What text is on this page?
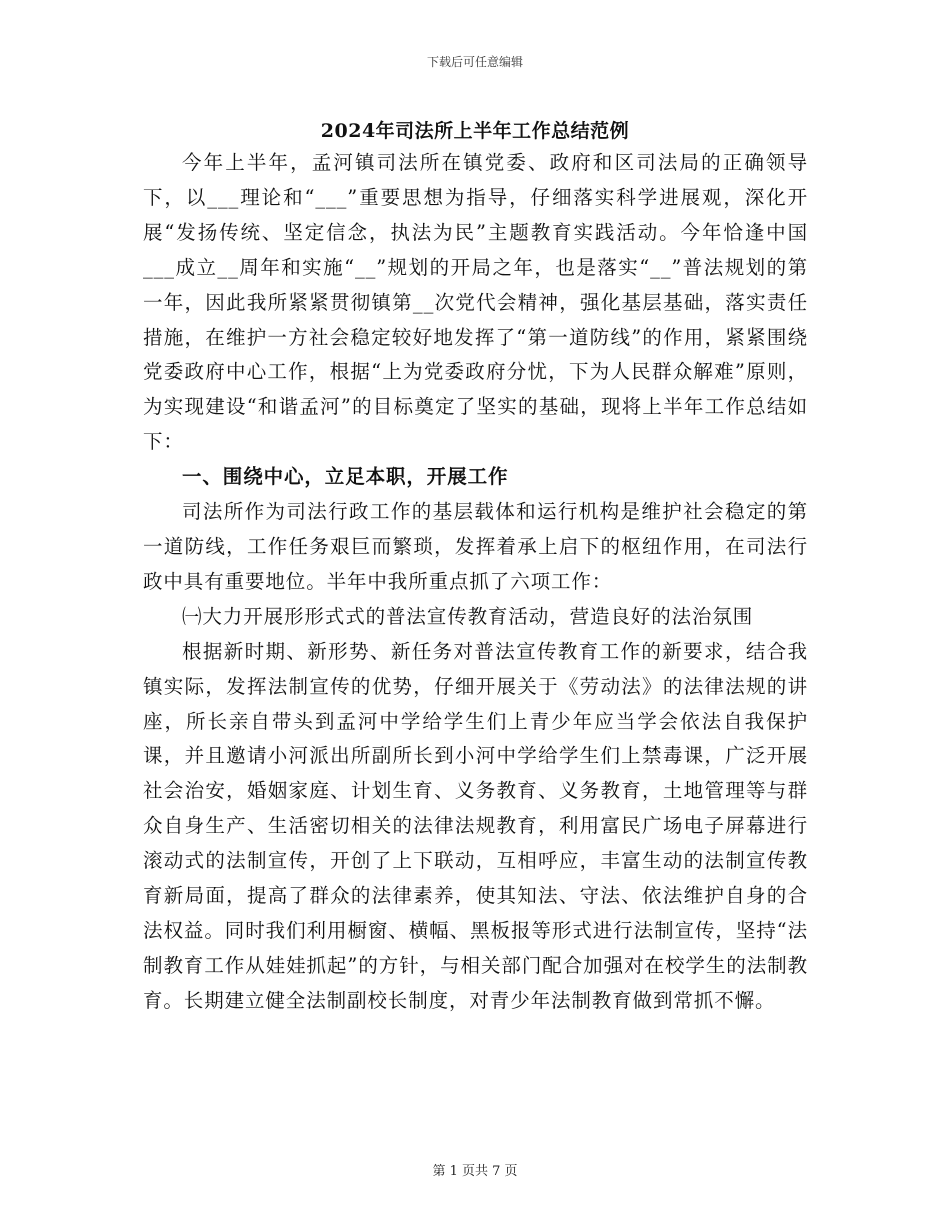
下载后可任意编辑
2024年司法所上半年工作总结范例

今年上半年，孟河镇司法所在镇党委、政府和区司法局的正确领导下，以___理论和“___”重要思想为指导，仔细落实科学进展观，深化开展“发扬传统、坚定信念，执法为民”主题教育实践活动。今年恰逢中国___成立__周年和实施“__”规划的开局之年，也是落实“__”普法规划的第一年，因此我所紧紧贯彻镇第__次党代会精神，强化基层基础，落实责任措施，在维护一方社会稳定较好地发挥了“第一道防线”的作用，紧紧围绕党委政府中心工作，根据“上为党委政府分忧，下为人民群众解难”原则，为实现建设“和谐孟河”的目标奠定了坚实的基础，现将上半年工作总结如下：

一、围绕中心，立足本职，开展工作

司法所作为司法行政工作的基层载体和运行机构是维护社会稳定的第一道防线，工作任务艰巨而繁琐，发挥着承上启下的枢纽作用，在司法行政中具有重要地位。半年中我所重点抓了六项工作：

㈠大力开展形形式式的普法宣传教育活动，营造良好的法治氛围

根据新时期、新形势、新任务对普法宣传教育工作的新要求，结合我镇实际，发挥法制宣传的优势，仔细开展关于《劳动法》的法律法规的讲座，所长亲自带头到孟河中学给学生们上青少年应当学会依法自我保护课，并且邀请小河派出所副所长到小河中学给学生们上禁毒课，广泛开展社会治安，婚姻家庭、计划生育、义务教育、义务教育，土地管理等与群众自身生产、生活密切相关的法律法规教育，利用富民广场电子屏幕进行滚动式的法制宣传，开创了上下联动，互相呼应，丰富生动的法制宣传教育新局面，提高了群众的法律素养，使其知法、守法、依法维护自身的合法权益。同时我们利用橱窗、横幅、黑板报等形式进行法制宣传，坚持“法制教育工作从娃娃抓起”的方针，与相关部门配合加强对在校学生的法制教育。长期建立健全法制副校长制度，对青少年法制教育做到常抓不懈。

第 1 页共 7 页
